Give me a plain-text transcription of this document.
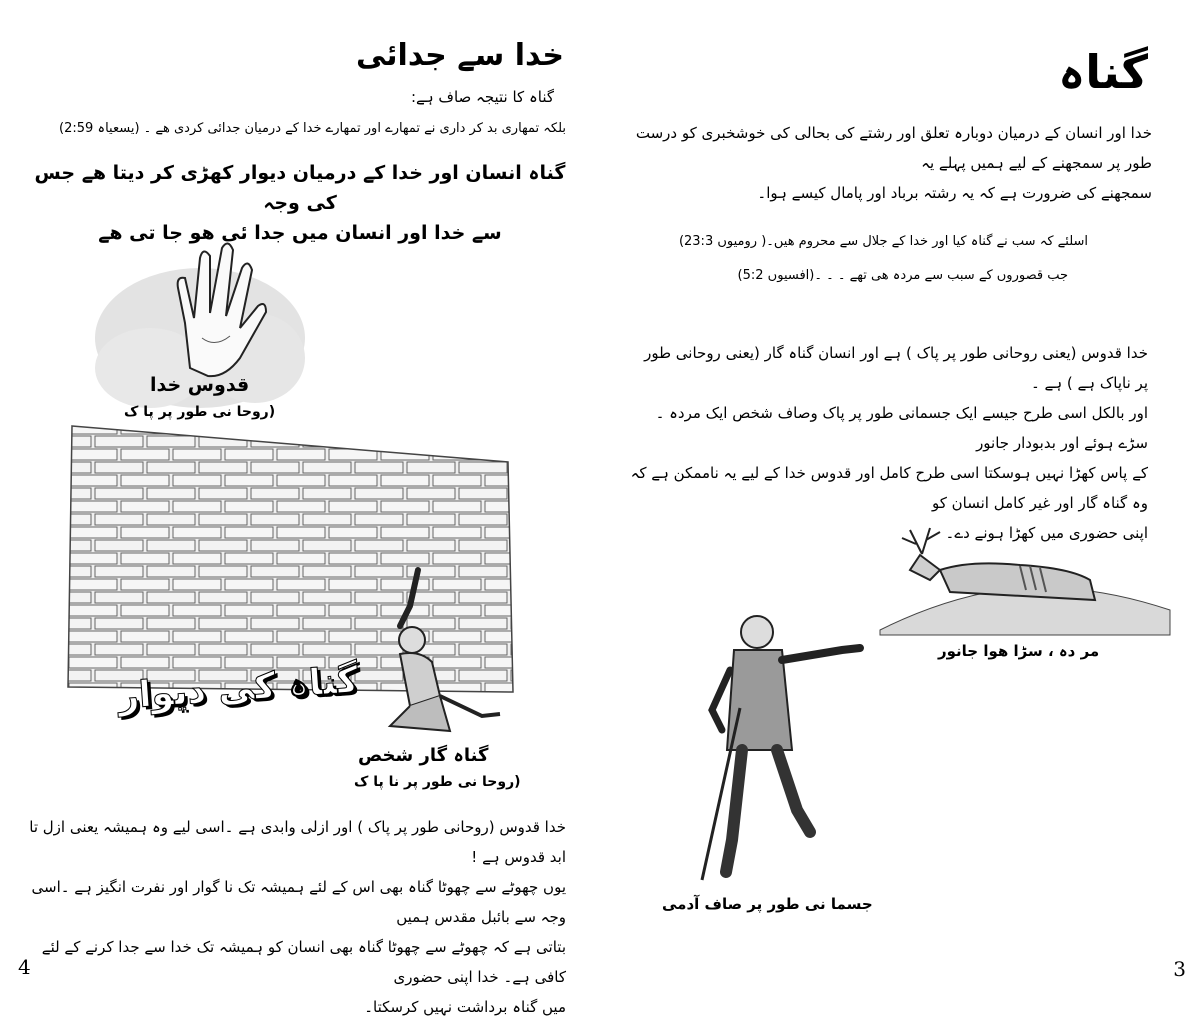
خدا سے جدائی
گناہ کا نتیجہ صاف ہے:
بلکہ تمھاری بد کر داری نے تمھارے اور تمھارے خدا کے درمیان جدائی کردی ھے ۔ (یسعیاہ 2:59)
گناہ انسان اور خدا کے درمیان دیوار کھڑی کر دیتا ھے جس کی وجہ
سے خدا اور انسان میں جدا ئی ھو جا تی ھے
قدوس خدا
(روحا نی طور پر پا ک
گناہ کی دیوار
گناہ گار شخص
(روحا نی طور پر نا پا ک
خدا قدوس (روحانی طور پر پاک ) اور ازلی وابدی ہے ۔اسی لیے وہ ہمیشہ یعنی ازل تا ابد قدوس ہے !
یوں چھوٹے سے چھوٹا گناہ بھی اس کے لئے ہمیشہ تک نا گوار اور نفرت انگیز ہے ۔اسی وجہ سے بائبل مقدس ہمیں
بتاتی ہے کہ چھوٹے سے چھوٹا گناہ بھی انسان کو ہمیشہ تک خدا سے جدا کرنے کے لئے کافی ہے۔ خدا اپنی حضوری
میں گناہ برداشت نہیں کرسکتا۔
4
گناہ
خدا اور انسان کے درمیان دوبارہ تعلق اور رشتے کی بحالی کی خوشخبری کو درست طور پر سمجھنے کے لیے ہمیں پہلے یہ
سمجھنے کی ضرورت ہے کہ یہ رشتہ برباد اور پامال کیسے ہوا۔
اسلئے کہ سب نے گناہ کیا اور خدا کے جلال سے محروم ھیں۔( رومیوں 23:3)
جب قصوروں کے سبب سے مردہ ھی تھے ۔ ۔ ۔(افسیوں 5:2)
خدا قدوس (یعنی روحانی طور پر پاک ) ہے اور انسان گناہ گار (یعنی روحانی طور پر ناپاک ہے ) ہے ۔
اور بالکل اسی طرح جیسے ایک جسمانی طور پر پاک وصاف شخص ایک مردہ ۔سڑے ہوئے اور بدبودار جانور
کے پاس کھڑا نہیں ہوسکتا اسی طرح کامل اور قدوس خدا کے لیے یہ ناممکن ہے کہ وہ گناہ گار اور غیر کامل انسان کو
اپنی حضوری میں کھڑا ہونے دے۔
مر دہ ، سڑا ھوا جانور
جسما نی طور پر صاف آدمی
3
